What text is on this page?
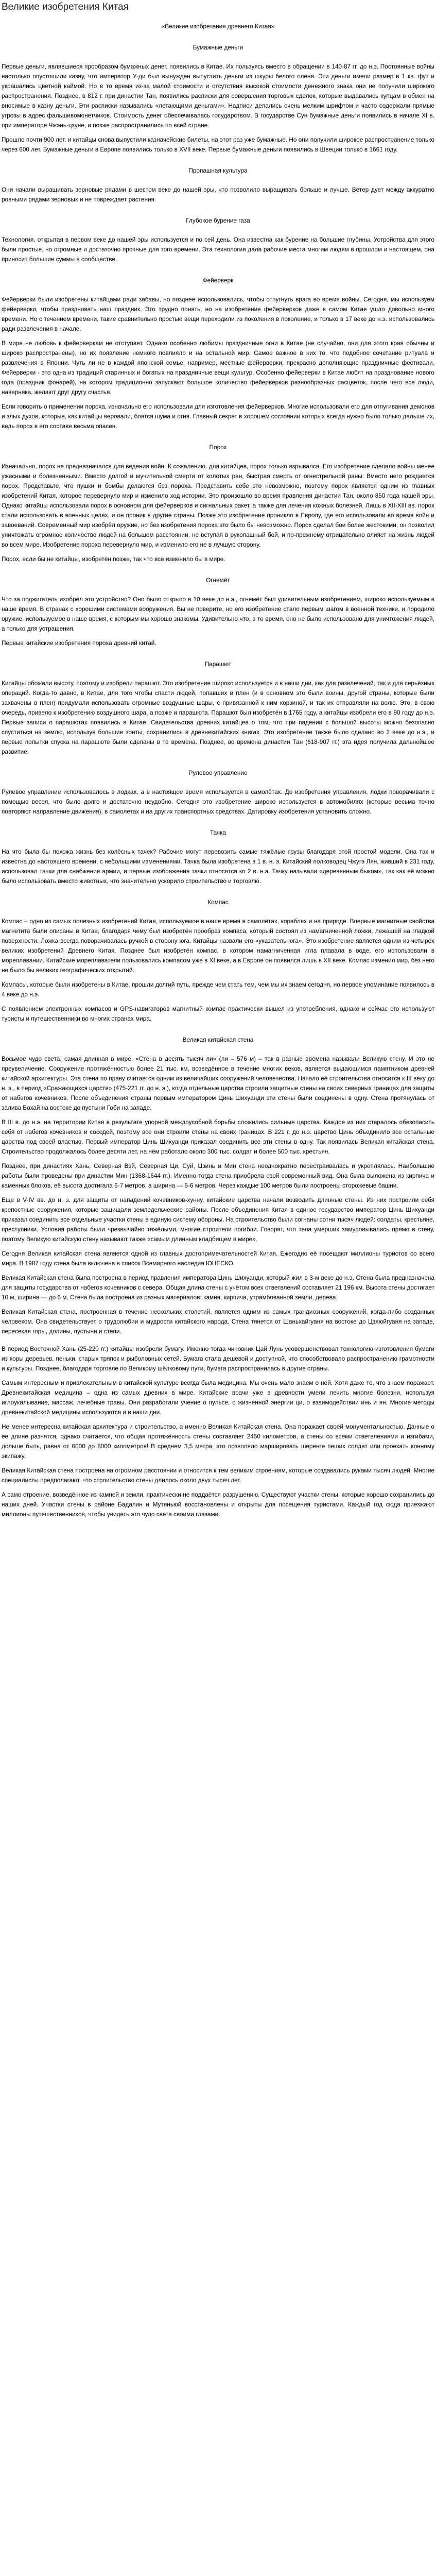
Великие изобретения Китая
«Великие изобретения древнего Китая»
Бумажные деньги

Первые деньги, являвшиеся прообразом бумажных денег, появились в Китае. Их пользуясь вместо в обращении в 140-87 гг. до н.э. Постоянные войны настолько опустошили казну, что император У-ди был вынужден выпустить деньги из шкуры белого оленя. Эти деньги имели размер в 1 кв. фут и украшались цветной каймой. Но в то время из-за малой стоимости и отсутствия высокой стоимости денежного знака они не получили широкого распространения. Позднее, в 812 г. при династии Тан, появились расписки для совершения торговых сделок, которые выдавались купцам в обмен на вносимые в казну деньги. Эти расписки назывались «летающими деньгами». Надписи делались очень мелким шрифтом и часто содержали прямые угрозы в адрес фальшивомонетчиков. Стоимость денег обеспечивалась государством. В государстве Сун бумажные деньги появились в начале XI в. при императоре Чжэнь-цзуне, и позже распространились по всей стране.

Прошло почти 900 лет, и китайцы снова выпустили казначейские билеты, на этот раз уже бумажные. Но они получили широкое распространение только через 600 лет. Бумажные деньги в Европе появились только в XVII веке. Первые бумажные деньги появились в Швеции только в 1661 году.

Пропашная культура

Они начали выращивать зерновые рядами в шестом веке до нашей эры, что позволило выращивать больше и лучше. Ветер дует между аккуратно ровными рядами зерновых и не повреждает растения.

Глубокое бурение газа

Технология, открытая в первом веке до нашей эры используется и по сей день. Она известна как бурение на большие глубины. Устройства для этого были простые, но огромные и достаточно прочные для того времени. Эта технология дала рабочие места многим людям в прошлом и настоящем, она приносит большие суммы в сообществе.

Фейерверк

Фейерверки были изобретены китайцами ради забавы, но позднее использовались, чтобы отпугнуть врага во время войны. Сегодня, мы используем фейерверки, чтобы праздновать наш праздник. Это трудно понять, но на изобретение фейерверков даже в самом Китае ушло довольно много времени. Но с течением времени, такие сравнительно простые вещи переходили из поколения в поколение, и только в 17 веке до н.э. использовались ради развлечения в начале.

В мире не любовь к фейерверкам не отступает. Однако особенно любимы праздничные огни в Китае (не случайно, они для этого края обычны и широко распространены), но их появление немного повлияло и на остальной мир. Самое важное в них то, что подобное сочетание ритуала и развлечения в Японии. Чуть ли не в каждой японской семье, например, местные фейерверки, прекрасно дополняющие праздничные фестивали. Фейерверки - это одна из традиций старинных и богатых на праздничные вещи культур. Особенно фейерверки в Китае любят на празднование нового года (праздник фонарей), на котором традиционно запускают большое количество фейерверков разнообразных расцветок, после чего все люди, наверняка, желают друг другу счастья.

Если говорить о применении пороха, изначально его использовали для изготовления фейерверков. Многие использовали его для отпугивания демонов и злых духов, которые, как китайцы веровали, боятся шума и огня. Главный секрет в хорошем состоянии которых всегда нужно было только дальше их, ведь порох в его составе весьма опасен.

Порох

Изначально, порох не предназначался для ведения войн. К сожалению, для китайцев, порох только взрывался. Его изобретение сделало войны менее ужасными и болезненными. Вместо долгой и мучительной смерти от колотых ран, быстрая смерть от огнестрельной раны. Вместо него рождается порох. Представьте, что пушки и бомбы делаются без пороха. Представить себе это невозможно, поэтому порох является одним из главных изобретений Китая, которое перевернуло мир и изменило ход истории. Это произошло во время правления династии Тан, около 850 года нашей эры. Однако китайцы использовали порох в основном для фейерверков и сигнальных ракет, а также для лечения кожных болезней. Лишь в XII-XIII вв. порох стали использовать в военных целях, и он проник в другие страны. Позже это изобретение проникло в Европу, где его использовали во время войн и завоеваний. Современный мир изобрёл оружие, но без изобретения пороха это было бы невозможно. Порох сделал бои более жестокими, он позволил уничтожать огромное количество людей на большом расстоянии, не вступая в рукопашный бой, и по-прежнему отрицательно влияет на жизнь людей во всем мире. Изобретение пороха перевернуло мир, и изменило его не в лучшую сторону.

Порох, если бы не китайцы, изобретён позже, так что всё изменило бы в мире.

Огнемёт

Что за поджигатель изобрёл это устройство? Оно было открыто в 10 веке до н.э., огнемёт был удивительным изобретением, широко используемым в наше время. В странах с хорошими системами вооружения. Вы не поверите, но его изобретение стало первым шагом в военной технике, и породило оружие, используемое в наше время, с которым мы хорошо знакомы. Удивительно что, в то время, оно не было использовано для уничтожения людей, а только для устрашения.

Первые китайские изобретения пороха древний китай.

Парашют

Китайцы обожали высоту, поэтому и изобрели парашют. Это изобретение широко используется и в наши дни, как для развлечений, так и для серьёзных операций. Когда-то давно, в Китае, для того чтобы спасти людей, попавших в плен (и в основном это были воины, другой страны, которые были захвачены в плен) придумали использовать огромные воздушные шары, с привязанной к ним корзиной, и так их отправляли на волю. Это, в свою очередь, привело к изобретению воздушного шара, а позже и парашюта. Парашют был изобретён в 1765 году, а китайцы изобрели его в 90 году до н.э. Первые записи о парашютах появились в Китае. Свидетельства древних китайцев о том, что при падении с большой высоты можно безопасно спуститься на землю, используя большие зонты, сохранились в древнекитайских книгах. Это изобретение также было сделано во 2 веке до н.э., и первые попытки спуска на парашюте были сделаны в те времена. Позднее, во времена династии Тан (618-907 гг.) эта идея получила дальнейшее развитие.

Рулевое управление

Рулевое управление использовалось в лодках, а в настоящее время используется в самолётах. До изобретения управления, лодки поворачивали с помощью весел, что было долго и достаточно неудобно. Сегодня это изобретение широко используется в автомобилях (которые весьма точно повторяют направление движения), в самолетах и на других транспортных средствах. Датировку изобретения установить сложно.

Тачка

На что была бы похожа жизнь без колёсных тачек? Рабочие могут перевозить самые тяжёлые грузы благодаря этой простой модели. Она так и известна до настоящего времени, с небольшими изменениями. Тачка была изобретена в 1 в. н. э. Китайский полководец Чжугэ Лян, живший в 231 году, использовал тачки для снабжения армии, и первые изображения тачки относятся ко 2 в. н.э. Тачку называли «деревянным быком», так как её можно было использовать вместо животных, что значительно ускорило строительство и торговлю.

Компас

Компас – одно из самых полезных изобретений Китая, используемое в наше время в самолётах, кораблях и на природе. Впервые магнитные свойства магнетита были описаны в Китае, благодаря чему был изобретён прообраз компаса, который состоял из намагниченной ложки, лежащей на гладкой поверхности. Ложка всегда поворачивалась ручкой в сторону юга. Китайцы назвали его «указатель юга». Это изобретение является одним из четырёх великих изобретений Древнего Китая. Позднее был изобретён компас, в котором намагниченная игла плавала в воде, его использовали в мореплавании. Китайские мореплаватели пользовались компасом уже в XI веке, а в Европе он появился лишь в XII веке. Компас изменил мир, без него не было бы великих географических открытий.

Компасы, которые были изобретены в Китае, прошли долгий путь, прежде чем стать тем, чем мы их знаем сегодня, но первое упоминание появилось в 4 веке до н.э.

С появлением электронных компасов и GPS-навигаторов магнитный компас практически вышел из употребления, однако и сейчас его используют туристы и путешественники во многих странах мира.

Великая китайская стена

Восьмое чудо света, самая длинная в мире, «Стена в десять тысяч ли» (ли – 576 м) – так в разные времена называли Великую стену. И это не преувеличение. Сооружение протяжённостью более 21 тыс. км, возведённое в течение многих веков, является выдающимся памятником древней китайской архитектуры. Эта стена по праву считается одним из величайших сооружений человечества. Начало её строительства относится к III веку до н. э., в период «Сражающихся царств» (475-221 гг. до н. э.), когда отдельные царства строили защитные стены на своих северных границах для защиты от набегов кочевников. После объединения страны первым императором Цинь Шихуанди эти стены были соединены в одну. Стена протянулась от залива Бохай на востоке до пустыни Гоби на западе.

В III в. до н.э. на территории Китая в результате упорной междоусобной борьбы сложились сильные царства. Каждое из них старалось обезопасить себя от набегов кочевников и соседей, поэтому все они строили стены на своих границах. В 221 г. до н.э. царство Цинь объединило все остальные царства под своей властью. Первый император Цинь Шихуанди приказал соединить все эти стены в одну. Так появилась Великая китайская стена. Строительство продолжалось более десяти лет, на нём работало около 300 тыс. солдат и более 500 тыс. крестьян.

Позднее, при династиях Хань, Северная Вэй, Северная Ци, Суй, Цзинь и Мин стена неоднократно перестраивалась и укреплялась. Наибольшие работы были проведены при династии Мин (1368-1644 гг.). Именно тогда стена приобрела свой современный вид. Она была выложена из кирпича и каменных блоков, её высота достигала 6-7 метров, а ширина — 5-6 метров. Через каждые 100 метров были построены сторожевые башни.

Еще в V-IV вв. до н. э. для защиты от нападений кочевников-хунну, китайские царства начали возводить длинные стены. Из них построили себя крепостные сооружения, которые защищали земледельческие районы. После объединения Китая в единое государство император Цинь Шихуанди приказал соединить все отдельные участки стены в единую систему обороны. На строительство были согнаны сотни тысяч людей: солдаты, крестьяне, преступники. Условия работы были чрезвычайно тяжёлыми, многие строители погибли. Говорят, что тела умерших замуровывались прямо в стену, поэтому Великую китайскую стену называют также «самым длинным кладбищем в мире».

Сегодня Великая китайская стена является одной из главных достопримечательностей Китая. Ежегодно её посещают миллионы туристов со всего мира. В 1987 году стена была включена в список Всемирного наследия ЮНЕСКО.

Великая Китайская стена была построена в период правления императора Цинь Шихуанди, который жил в 3-м веке до н.э. Стена была предназначена для защиты государства от набегов кочевников с севера. Общая длина стены с учётом всех ответвлений составляет 21 196 км. Высота стены достигает 10 м, ширина — до 6 м. Стена была построена из разных материалов: камня, кирпича, утрамбованной земли, дерева.

Великая Китайская стена, построенная в течение нескольких столетий, является одним из самых грандиозных сооружений, когда-либо созданных человеком. Она свидетельствует о трудолюбии и мудрости китайского народа. Стена тянется от Шаньхайгуаня на востоке до Цзяюйгуаня на западе, пересекая горы, долины, пустыни и степи.

В период Восточной Хань (25-220 гг.) китайцы изобрели бумагу. Именно тогда чиновник Цай Лунь усовершенствовал технологию изготовления бумаги из коры деревьев, пеньки, старых тряпок и рыболовных сетей. Бумага стала дешёвой и доступной, что способствовало распространению грамотности и культуры. Позднее, благодаря торговле по Великому шёлковому пути, бумага распространилась в другие страны.

Самым интересным и привлекательным в китайской культуре всегда была медицина. Мы очень мало знаем о ней. Хотя даже то, что знаем поражает. Древнекитайская медицина – одна из самых древних в мире. Китайские врачи уже в древности умели лечить многие болезни, используя иглоукалывание, массаж, лечебные травы. Они разработали учение о пульсе, о жизненной энергии ци, о взаимодействии инь и ян. Многие методы древнекитайской медицины используются и в наши дни.

Не менее интересна китайская архитектура и строительство, а именно Великая Китайская стена. Она поражает своей монументальностью. Данные о ее длине разнятся, однако считается, что общая протяжённость стены составляет 2450 километров, а стены со всеми ответвлениями и изгибами, дольше быть, равна от 6000 до 8000 километров! В среднем 3,5 метра, это позволяло маршировать шеренге пеших солдат или проехать конному экипажу.

Великая Китайская стена построена на огромном расстоянии и относится к тем великим строениям, которые создавались руками тысяч людей. Многие специалисты предполагают, что строительство стены длилось около двух тысяч лет.

А само строение, возведённое из камней и земли, практически не поддаётся разрушению. Существуют участки стены, которые хорошо сохранились до наших дней. Участки стены в районе Бадалин и Мутяньюй восстановлены и открыты для посещения туристами. Каждый год сюда приезжают миллионы путешественников, чтобы увидеть это чудо света своими глазами.
